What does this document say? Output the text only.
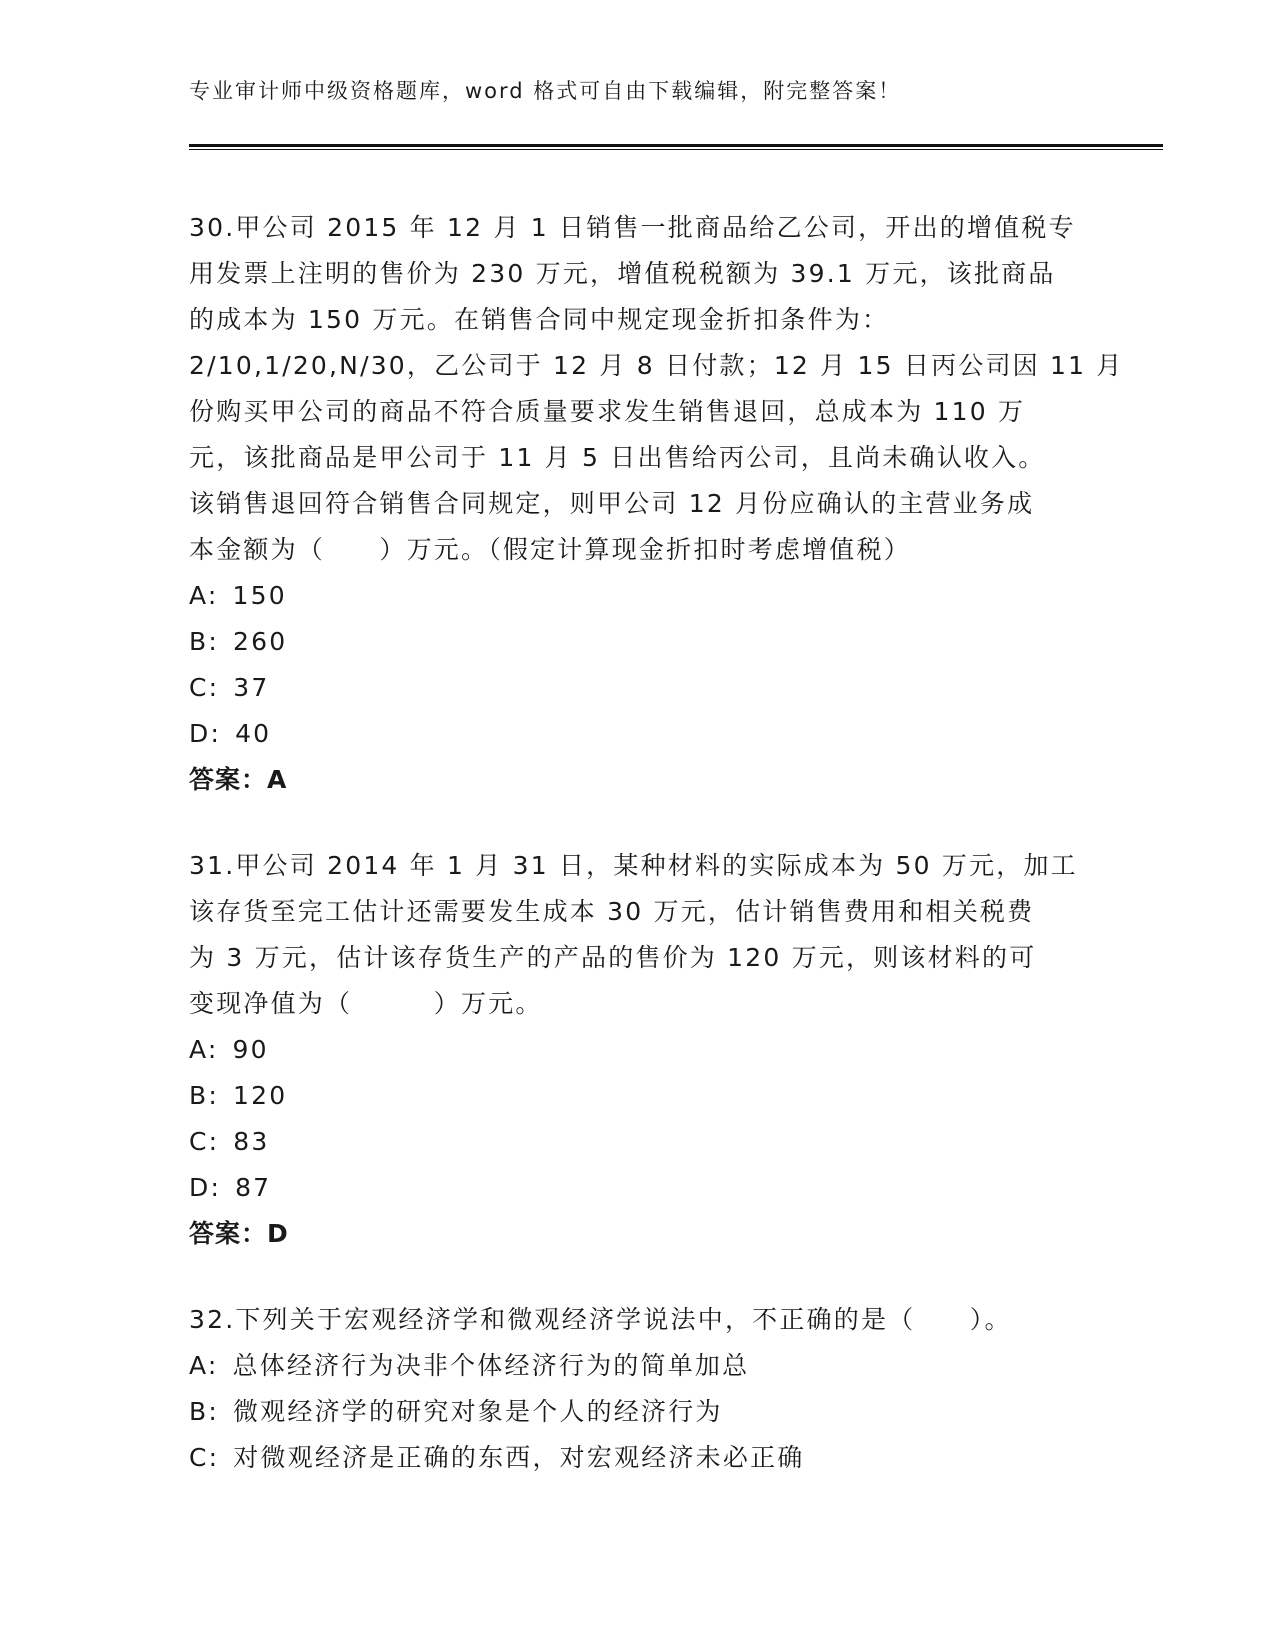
专业审计师中级资格题库，word 格式可自由下载编辑，附完整答案！
30.甲公司 2015 年 12 月 1 日销售一批商品给乙公司，开出的增值税专
用发票上注明的售价为 230 万元，增值税税额为 39.1 万元，该批商品
的成本为 150 万元。在销售合同中规定现金折扣条件为：
2/10,1/20,N/30，乙公司于 12 月 8 日付款；12 月 15 日丙公司因 11 月
份购买甲公司的商品不符合质量要求发生销售退回，总成本为 110 万
元，该批商品是甲公司于 11 月 5 日出售给丙公司，且尚未确认收入。
该销售退回符合销售合同规定，则甲公司 12 月份应确认的主营业务成
本金额为（　　）万元。（假定计算现金折扣时考虑增值税）
A: 150
B: 260
C: 37
D: 40
答案：A
31.甲公司 2014 年 1 月 31 日，某种材料的实际成本为 50 万元，加工
该存货至完工估计还需要发生成本 30 万元，估计销售费用和相关税费
为 3 万元，估计该存货生产的产品的售价为 120 万元，则该材料的可
变现净值为（　　　）万元。
A: 90
B: 120
C: 83
D: 87
答案：D
32.下列关于宏观经济学和微观经济学说法中，不正确的是（　　）。
A: 总体经济行为决非个体经济行为的简单加总
B: 微观经济学的研究对象是个人的经济行为
C: 对微观经济是正确的东西，对宏观经济未必正确
